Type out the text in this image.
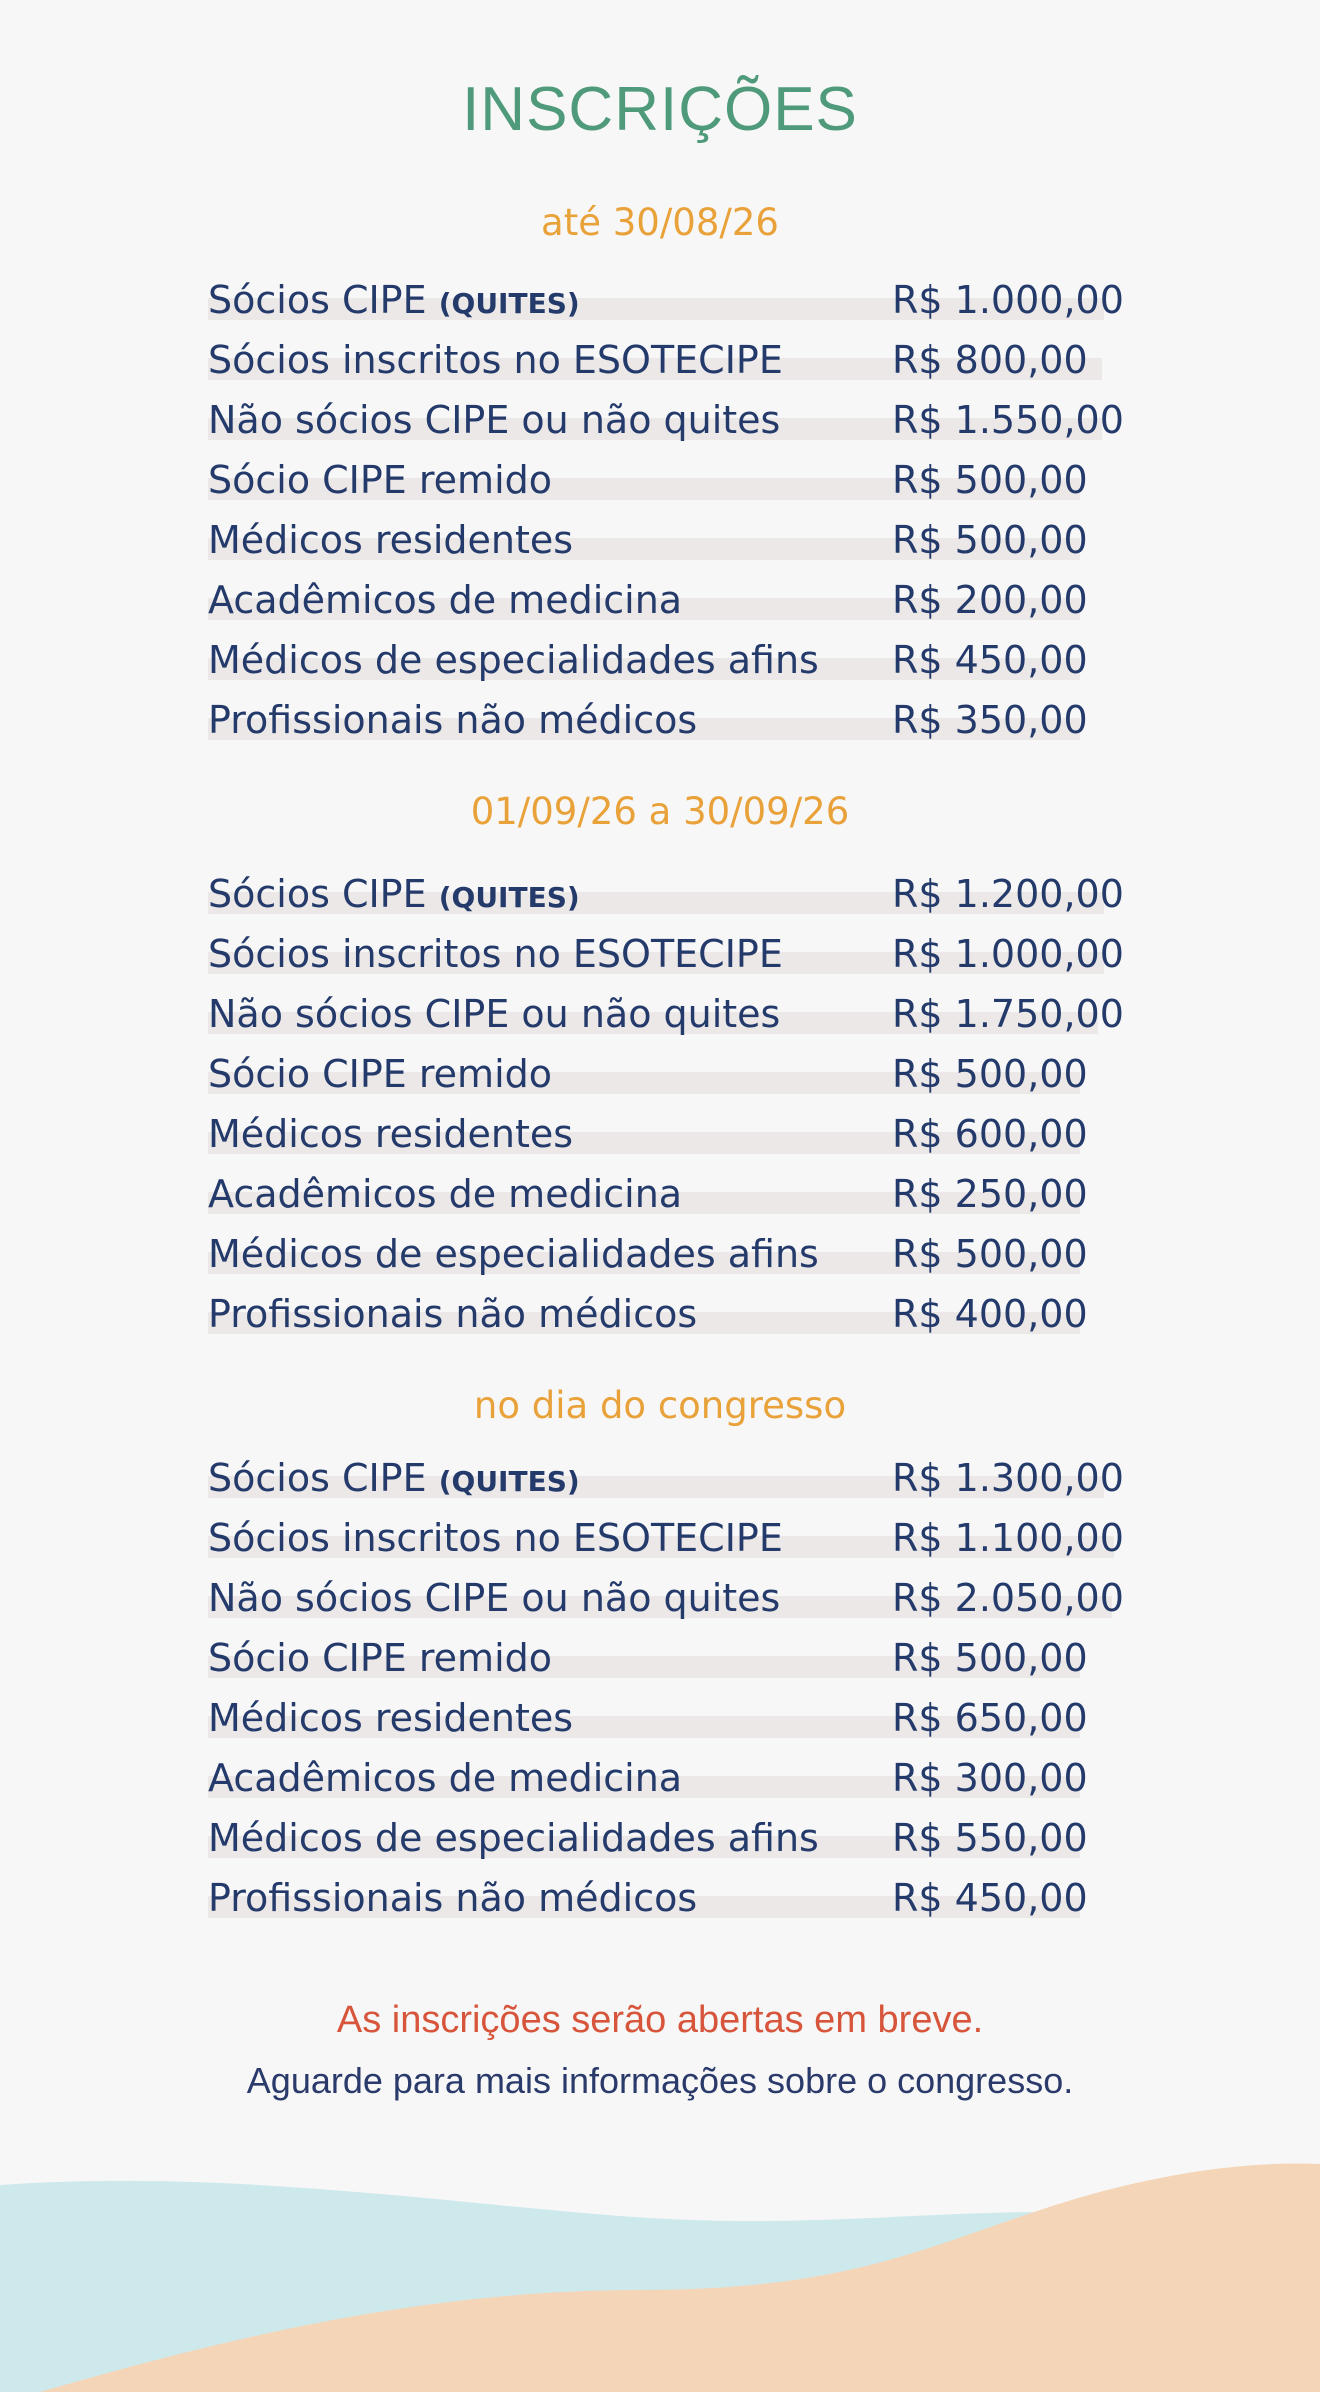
INSCRIÇÕES
até 30/08/26
Sócios CIPE (QUITES)	R$ 1.000,00
Sócios inscritos no ESOTECIPE	R$ 800,00
Não sócios CIPE ou não quites	R$ 1.550,00
Sócio CIPE remido	R$ 500,00
Médicos residentes	R$ 500,00
Acadêmicos de medicina	R$ 200,00
Médicos de especialidades afins R$ 450,00
Profissionais não médicos	R$ 350,00
01/09/26 a 30/09/26
Sócios CIPE (QUITES)	R$ 1.200,00
Sócios inscritos no ESOTECIPE	R$ 1.000,00
Não sócios CIPE ou não quites	R$ 1.750,00
Sócio CIPE remido	R$ 500,00
Médicos residentes	R$ 600,00
Acadêmicos de medicina	R$ 250,00
Médicos de especialidades afins R$ 500,00
Profissionais não médicos	R$ 400,00
no dia do congresso
Sócios CIPE (QUITES)	R$ 1.300,00
Sócios inscritos no ESOTECIPE	R$ 1.100,00
Não sócios CIPE ou não quites	R$ 2.050,00
Sócio CIPE remido	R$ 500,00
Médicos residentes	R$ 650,00
Acadêmicos de medicina	R$ 300,00
Médicos de especialidades afins R$ 550,00
Profissionais não médicos	R$ 450,00

As inscrições serão abertas em breve.

Aguarde para mais informações sobre o congresso.
